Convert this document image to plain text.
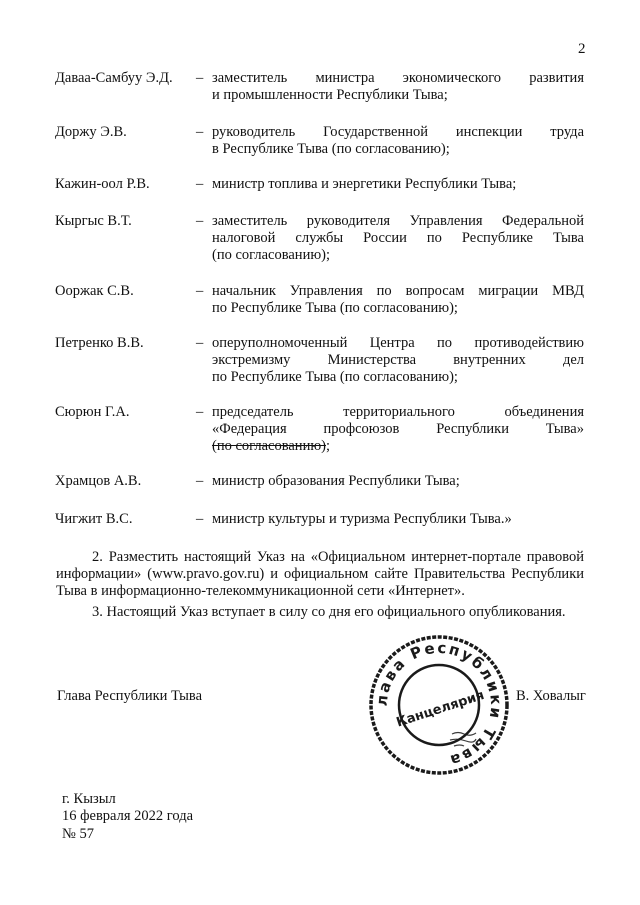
2
Даваа-Самбуу Э.Д. – заместитель министра экономического развития
и промышленности Республики Тыва;
Доржу Э.В.	– руководитель Государственной инспекции труда
в Республике Тыва (по согласованию);
Кажин-оол Р.В.	– министр топлива и энергетики Республики Тыва;
Кыргыс В.Т.	– заместитель руководителя Управления Федеральной
налоговой службы России по Республике Тыва
(по согласованию);
Ооржак С.В.	– начальник Управления по вопросам миграции МВД
по Республике Тыва (по согласованию);
Петренко В.В.	– оперуполномоченный Центра по противодействию
экстремизму Министерства внутренних дел
по Республике Тыва (по согласованию);
Сюрюн Г.А.	– председатель территориального объединения
«Федерация профсоюзов Республики Тыва»
(по согласованию);
Храмцов А.В.	– министр образования Республики Тыва;
Чигжит В.С.	– министр культуры и туризма Республики Тыва.»
2. Разместить настоящий Указ на «Официальном интернет-портале правовой информации» (www.pravo.gov.ru) и официальном сайте Правительства Республики Тыва в информационно-телекоммуникационной сети «Интернет».
3. Настоящий Указ вступает в силу со дня его официального опубликования.
Глава Республики Тыва	В. Ховалыг
лава Республики Тыва
Канцелярия
г. Кызыл
16 февраля 2022 года
№ 57
